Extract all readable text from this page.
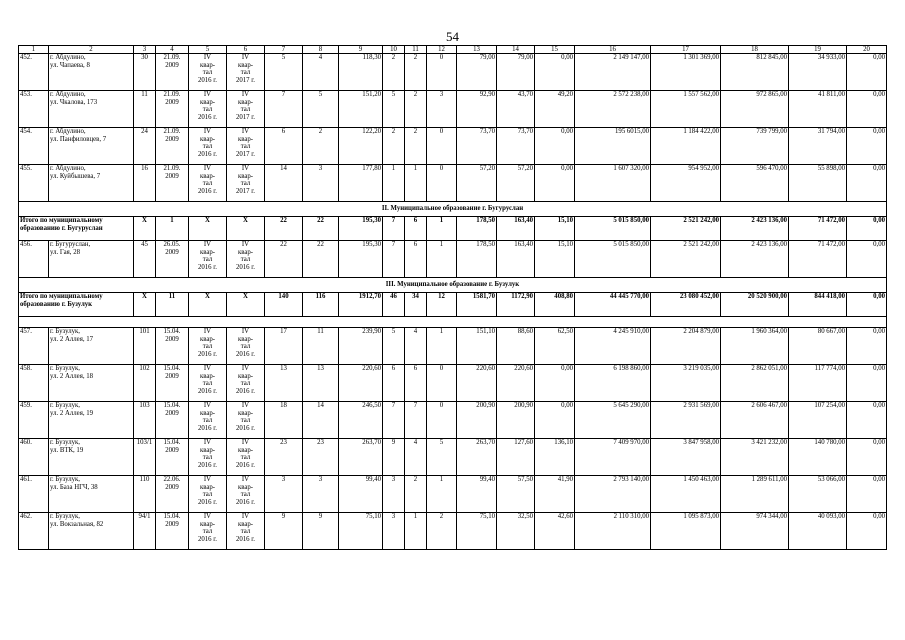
54
1	2	3	4	5	6	7	8	9	10	11	12	13	14	15	16	17	18	19	20
452.	г. Абдулино,
ул. Чапаева, 8	30	21.09.
2009	IV
квар-
тал
2016 г.	IV
квар-
тал
2017 г.	5	4	118,30	2	2	0	79,00	79,00	0,00	2 149 147,00	1 301 369,00	812 845,00	34 933,00	0,00
453.	г. Абдулино,
ул. Чкалова, 173	11	21.09.
2009	IV
квар-
тал
2016 г.	IV
квар-
тал
2017 г.	7	5	151,20	5	2	3	92,90	43,70	49,20	2 572 238,00	1 557 562,00	972 865,00	41 811,00	0,00
454.	г. Абдулино,
ул. Панфиловцев, 7	24	21.09.
2009	IV
квар-
тал
2016 г.	IV
квар-
тал
2017 г.	6	2	122,20	2	2	0	73,70	73,70	0,00	195 6015,00	1 184 422,00	739 799,00	31 794,00	0,00
455.	г. Абдулино,
ул. Куйбышева, 7	16	21.09.
2009	IV
квар-
тал
2016 г.	IV
квар-
тал
2017 г.	14	3	177,80	1	1	0	57,20	57,20	0,00	1 607 320,00	954 952,00	596 470,00	55 898,00	0,00
II. Муниципальное образование г. Бугуруслан																			

Итого по муниципальному
образованию г. Бугуруслан		X	1	X	X	22	22	195,30	7	6	1	178,50	163,40	15,10	5 015 850,00	2 521 242,00	2 423 136,00	71 472,00	0,00
456.	г. Бугуруслан,
ул. Гая, 28	45	26.05.
2009	IV
квар-
тал
2016 г.	IV
квар-
тал
2016 г.	22	22	195,30	7	6	1	178,50	163,40	15,10	5 015 850,00	2 521 242,00	2 423 136,00	71 472,00	0,00
III. Муниципальное образование г. Бузулук																			

Итого по муниципальному
образованию г. Бузулук		X	11	X	X	140	116	1912,70	46	34	12	1581,70	1172,90	408,80	44 445 770,00	23 080 452,00	20 520 900,00	844 418,00	0,00

457.	г. Бузулук,
ул. 2 Аллея, 17	101	15.04.
2009	IV
квар-
тал
2016 г.	IV
квар-
тал
2016 г.	17	11	239,90	5	4	1	151,10	88,60	62,50	4 245 910,00	2 204 879,00	1 960 364,00	80 667,00	0,00
458.	г. Бузулук,
ул. 2 Аллея, 18	102	15.04.
2009	IV
квар-
тал
2016 г.	IV
квар-
тал
2016 г.	13	13	220,60	6	6	0	220,60	220,60	0,00	6 198 860,00	3 219 035,00	2 862 051,00	117 774,00	0,00
459.	г. Бузулук,
ул. 2 Аллея, 19	103	15.04.
2009	IV
квар-
тал
2016 г.	IV
квар-
тал
2016 г.	18	14	246,50	7	7	0	200,90	200,90	0,00	5 645 290,00	2 931 569,00	2 606 467,00	107 254,00	0,00
460.	г. Бузулук,
ул. ВТК, 19	103/1	15.04.
2009	IV
квар-
тал
2016 г.	IV
квар-
тал
2016 г.	23	23	263,70	9	4	5	263,70	127,60	136,10	7 409 970,00	3 847 958,00	3 421 232,00	140 780,00	0,00
461.	г. Бузулук,
ул. База НГЧ, 38	110	22.06.
2009	IV
квар-
тал
2016 г.	IV
квар-
тал
2016 г.	3	3	99,40	3	2	1	99,40	57,50	41,90	2 793 140,00	1 450 463,00	1 289 611,00	53 066,00	0,00
462.	г. Бузулук,
ул. Вокзальная, 82	94/1	15.04.
2009	IV
квар-
тал
2016 г.	IV
квар-
тал
2016 г.	9	9	75,10	3	1	2	75,10	32,50	42,60	2 110 310,00	1 095 873,00	974 344,00	40 093,00	0,00
